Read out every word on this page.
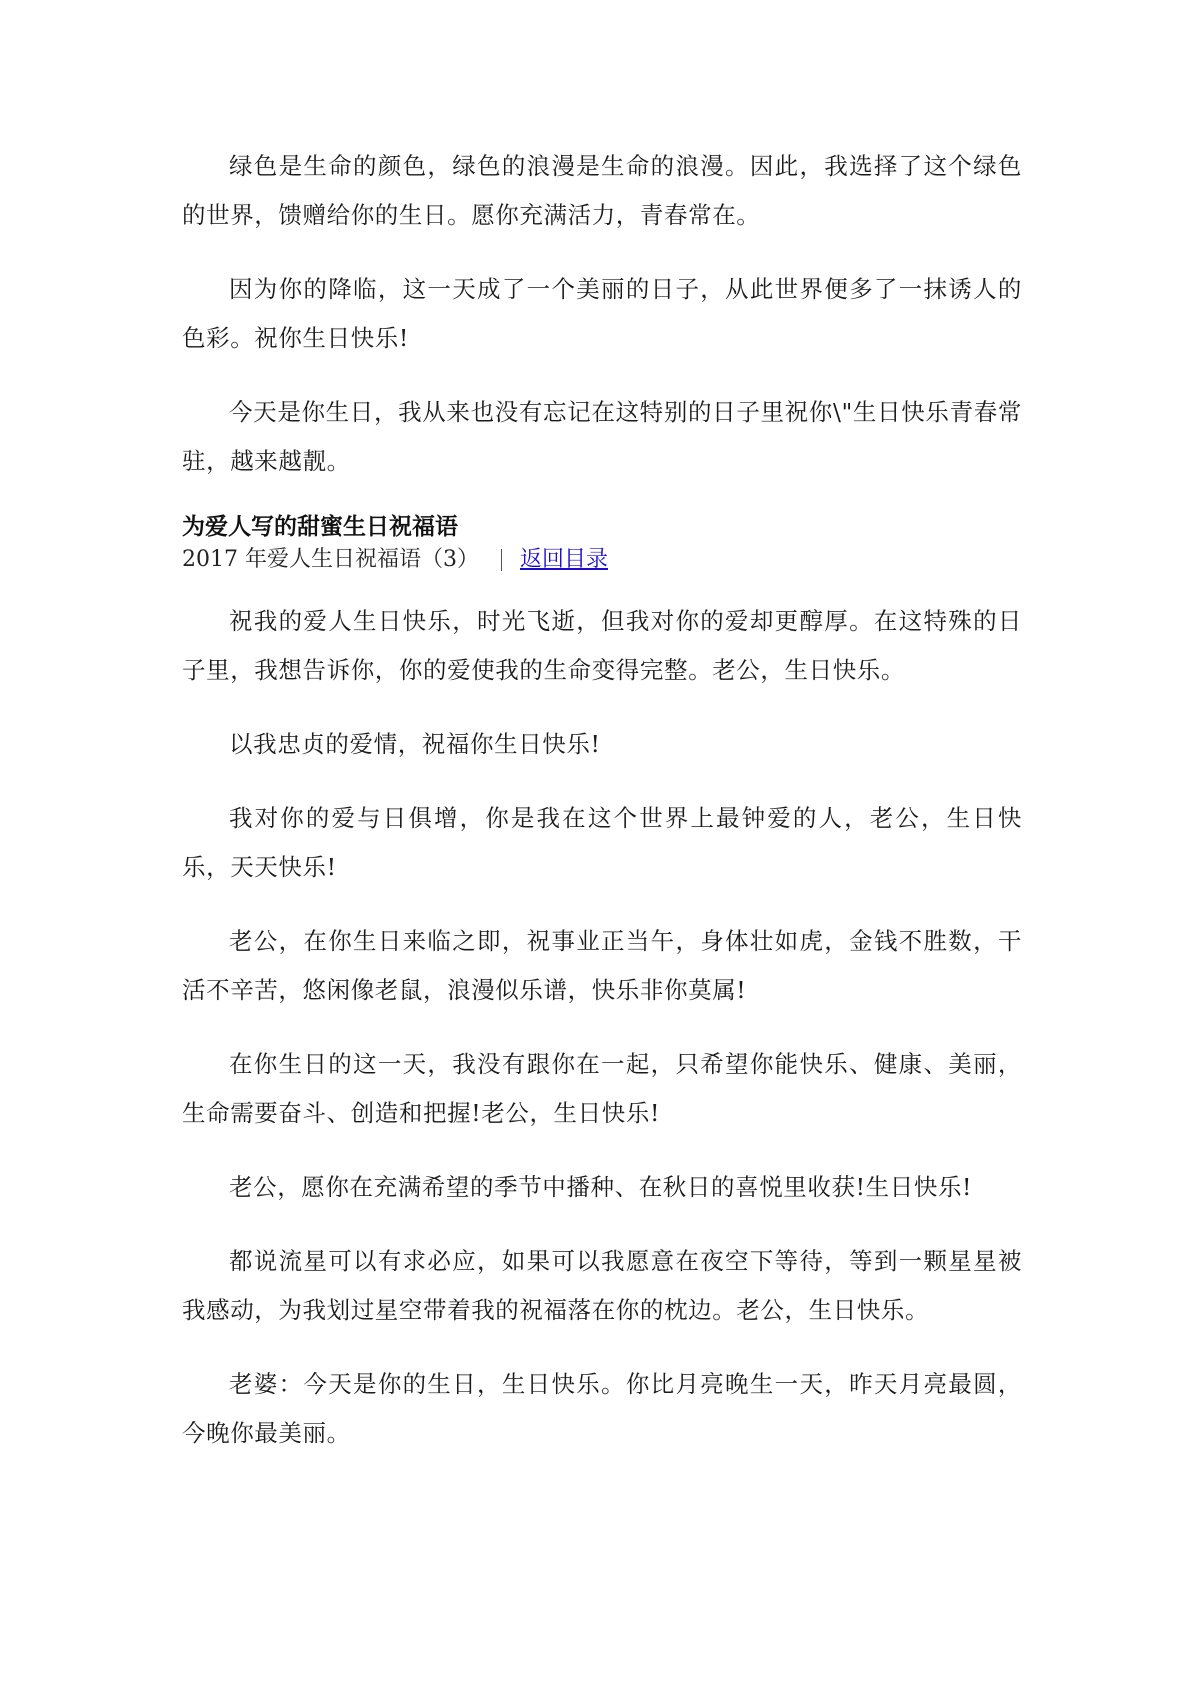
绿色是生命的颜色，绿色的浪漫是生命的浪漫。因此，我选择了这个绿色的世界，馈赠给你的生日。愿你充满活力，青春常在。

因为你的降临，这一天成了一个美丽的日子，从此世界便多了一抹诱人的色彩。祝你生日快乐!

今天是你生日，我从来也没有忘记在这特别的日子里祝你\"生日快乐青春常驻，越来越靓。

为爱人写的甜蜜生日祝福语
2017 年爱人生日祝福语（3） 返回目录

祝我的爱人生日快乐，时光飞逝，但我对你的爱却更醇厚。在这特殊的日子里，我想告诉你，你的爱使我的生命变得完整。老公，生日快乐。

以我忠贞的爱情，祝福你生日快乐!

我对你的爱与日俱增，你是我在这个世界上最钟爱的人，老公，生日快乐，天天快乐!

老公，在你生日来临之即，祝事业正当午，身体壮如虎，金钱不胜数，干活不辛苦，悠闲像老鼠，浪漫似乐谱，快乐非你莫属!

在你生日的这一天，我没有跟你在一起，只希望你能快乐、健康、美丽，生命需要奋斗、创造和把握!老公，生日快乐!

老公，愿你在充满希望的季节中播种、在秋日的喜悦里收获!生日快乐!

都说流星可以有求必应，如果可以我愿意在夜空下等待，等到一颗星星被我感动，为我划过星空带着我的祝福落在你的枕边。老公，生日快乐。

老婆：今天是你的生日，生日快乐。你比月亮晚生一天，昨天月亮最圆，今晚你最美丽。
